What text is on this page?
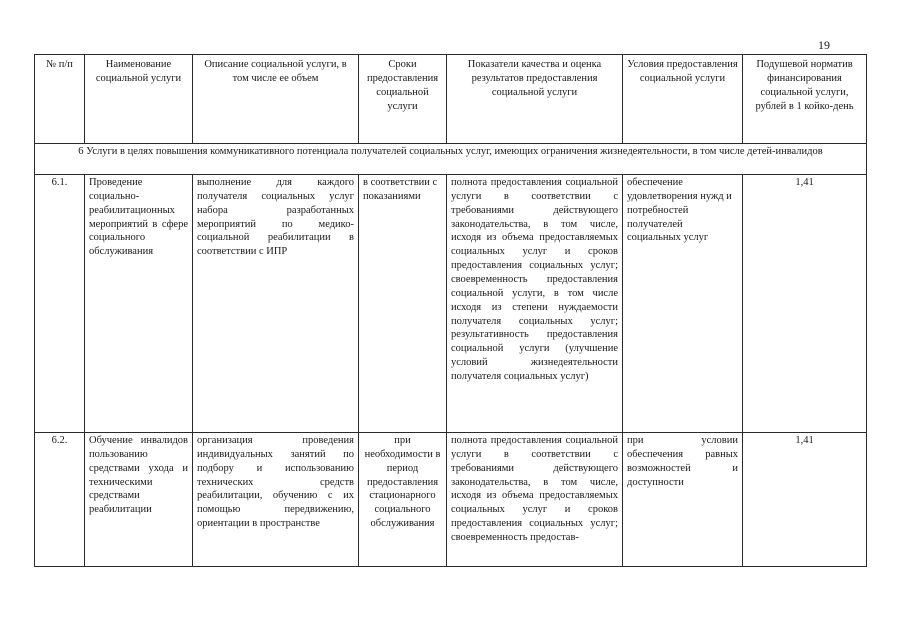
19
№ п/п	Наименование социальной услуги	Описание социальной услуги, в том числе ее объем	Сроки предоставления социальной услуги	Показатели качества и оценка результатов предоставления социальной услуги	Условия предоставления социальной услуги	Подушевой норматив финансирования социальной услуги, рублей в 1 койко-день
6 Услуги в целях повышения коммуникативного потенциала получателей социальных услуг, имеющих ограничения жизнедеятельности, в том числе детей-инвалидов						
6.1.	Проведение социально-реабилитационных мероприятий в сфере социального обслуживания	выполнение для каждого получателя социальных услуг набора разработанных мероприятий по медико-социальной реабилитации в соответствии с ИПР	в соответствии с показаниями	полнота предоставления социальной услуги в соответствии с требованиями действующего законодательства, в том числе, исходя из объема предоставляемых социальных услуг и сроков предоставления социальных услуг; своевременность предоставления социальной услуги, в том числе исходя из степени нуждаемости получателя социальных услуг; результативность предоставления социальной услуги (улучшение условий жизнедеятельности получателя социальных услуг)	обеспечение удовлетворения нужд и потребностей получателей социальных услуг	1,41
6.2.	Обучение инвалидов пользованию средствами ухода и техническими средствами реабилитации	организация проведения индивидуальных занятий по подбору и использованию технических средств реабилитации, обучению с их помощью передвижению, ориентации в пространстве	при необходимости в период предоставления стационарного социального обслуживания	полнота предоставления социальной услуги в соответствии с требованиями действующего законодательства, в том числе, исходя из объема предоставляемых социальных услуг и сроков предоставления социальных услуг; своевременность предостав-	при условии обеспечения равных возможностей и доступности	1,41
